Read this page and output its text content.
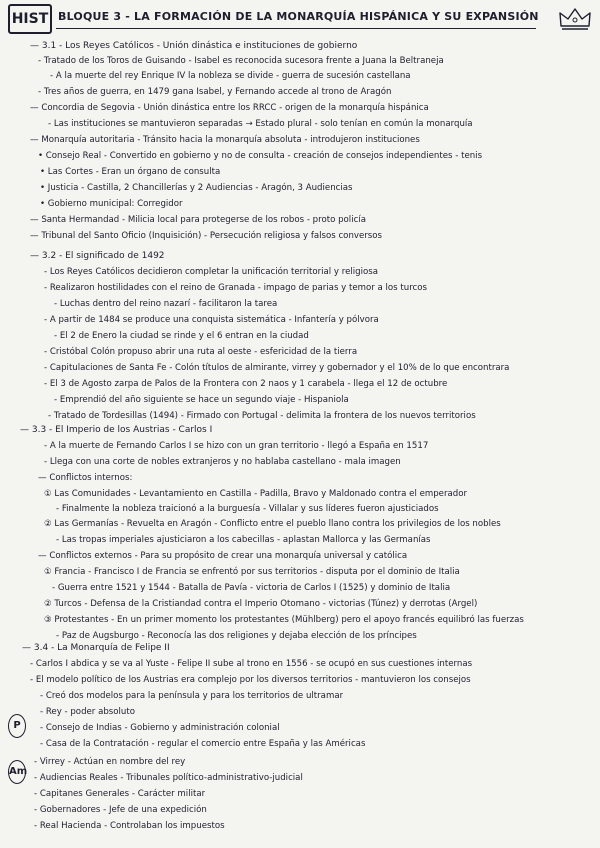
HIST BLOQUE 3 - LA FORMACIÓN DE LA MONARQUÍA HISPÁNICA Y SU EXPANSIÓN
— 3.1 - Los Reyes Católicos - Unión dinástica e instituciones de gobierno
- Tratado de los Toros de Guisando - Isabel es reconocida sucesora frente a Juana la Beltraneja
- A la muerte del rey Enrique IV la nobleza se divide - guerra de sucesión castellana
- Tres años de guerra, en 1479 gana Isabel, y Fernando accede al trono de Aragón
— Concordia de Segovia - Unión dinástica entre los RRCC - origen de la monarquía hispánica
- Las instituciones se mantuvieron separadas → Estado plural - solo tenían en común la monarquía
— Monarquía autoritaria - Tránsito hacia la monarquía absoluta - introdujeron instituciones
• Consejo Real - Convertido en gobierno y no de consulta - creación de consejos independientes - tenis
• Las Cortes - Eran un órgano de consulta
• Justicia - Castilla, 2 Chancillerías y 2 Audiencias - Aragón, 3 Audiencias
• Gobierno municipal: Corregidor
— Santa Hermandad - Milicia local para protegerse de los robos - proto policía
— Tribunal del Santo Oficio (Inquisición) - Persecución religiosa y falsos conversos
— 3.2 - El significado de 1492
- Los Reyes Católicos decidieron completar la unificación territorial y religiosa
- Realizaron hostilidades con el reino de Granada - impago de parias y temor a los turcos
- Luchas dentro del reino nazarí - facilitaron la tarea
- A partir de 1484 se produce una conquista sistemática - Infantería y pólvora
- El 2 de Enero la ciudad se rinde y el 6 entran en la ciudad
- Cristóbal Colón propuso abrir una ruta al oeste - esfericidad de la tierra
- Capitulaciones de Santa Fe - Colón títulos de almirante, virrey y gobernador y el 10% de lo que encontrara
- El 3 de Agosto zarpa de Palos de la Frontera con 2 naos y 1 carabela - llega el 12 de octubre
- Emprendió del año siguiente se hace un segundo viaje - Hispaniola
- Tratado de Tordesillas (1494) - Firmado con Portugal - delimita la frontera de los nuevos territorios
— 3.3 - El Imperio de los Austrias - Carlos I
- A la muerte de Fernando Carlos I se hizo con un gran territorio - llegó a España en 1517
- Llega con una corte de nobles extranjeros y no hablaba castellano - mala imagen
— Conflictos internos:
① Las Comunidades - Levantamiento en Castilla - Padilla, Bravo y Maldonado contra el emperador
- Finalmente la nobleza traicionó a la burguesía - Villalar y sus líderes fueron ajusticiados
② Las Germanías - Revuelta en Aragón - Conflicto entre el pueblo llano contra los privilegios de los nobles
- Las tropas imperiales ajusticiaron a los cabecillas - aplastan Mallorca y las Germanías
— Conflictos externos - Para su propósito de crear una monarquía universal y católica
① Francia - Francisco I de Francia se enfrentó por sus territorios - disputa por el dominio de Italia
- Guerra entre 1521 y 1544 - Batalla de Pavía - victoria de Carlos I (1525) y dominio de Italia
② Turcos - Defensa de la Cristiandad contra el Imperio Otomano - victorias (Túnez) y derrotas (Argel)
③ Protestantes - En un primer momento los protestantes (Mühlberg) pero el apoyo francés equilibró las fuerzas
- Paz de Augsburgo - Reconocía las dos religiones y dejaba elección de los príncipes
— 3.4 - La Monarquía de Felipe II
- Carlos I abdica y se va al Yuste - Felipe II sube al trono en 1556 - se ocupó en sus cuestiones internas
- El modelo político de los Austrias era complejo por los diversos territorios - mantuvieron los consejos
- Creó dos modelos para la península y para los territorios de ultramar
- Rey - poder absoluto
- Consejo de Indias - Gobierno y administración colonial
- Casa de la Contratación - regular el comercio entre España y las Américas
- Virrey - Actúan en nombre del rey
- Audiencias Reales - Tribunales político-administrativo-judicial
- Capitanes Generales - Carácter militar
- Gobernadores - Jefe de una expedición
- Real Hacienda - Controlaban los impuestos
P
Am
